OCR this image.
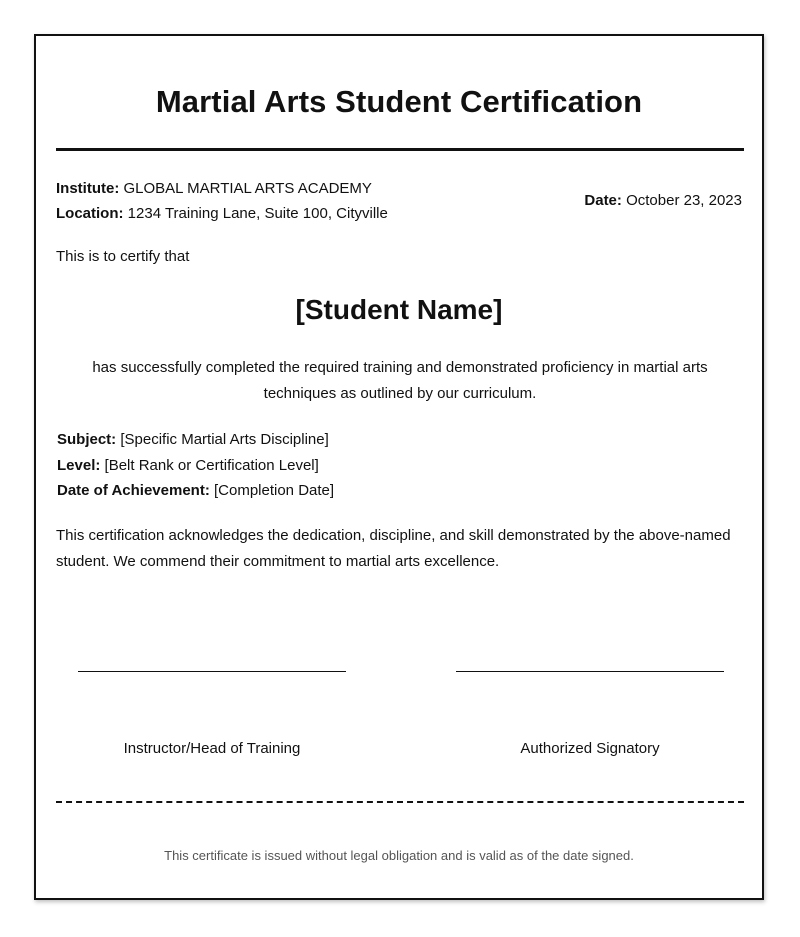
Martial Arts Student Certification
Institute: GLOBAL MARTIAL ARTS ACADEMY
Location: 1234 Training Lane, Suite 100, Cityville
Date: October 23, 2023
This is to certify that
[Student Name]
has successfully completed the required training and demonstrated proficiency in martial arts techniques as outlined by our curriculum.
Subject: [Specific Martial Arts Discipline]
Level: [Belt Rank or Certification Level]
Date of Achievement: [Completion Date]
This certification acknowledges the dedication, discipline, and skill demonstrated by the above-named student. We commend their commitment to martial arts excellence.
Instructor/Head of Training	Authorized Signatory
This certificate is issued without legal obligation and is valid as of the date signed.
